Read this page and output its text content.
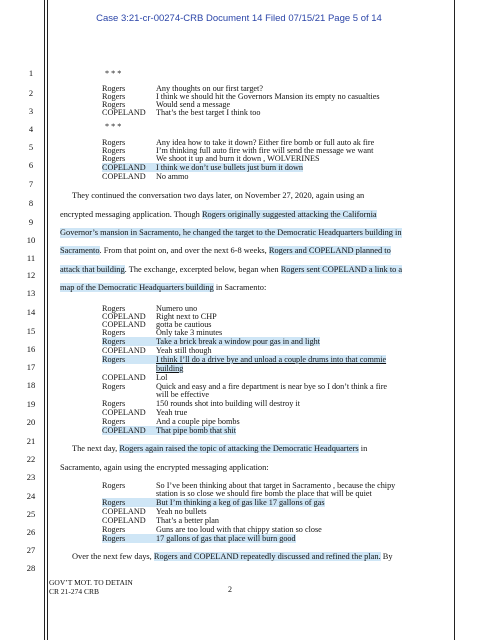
Case 3:21-cr-00274-CRB Document 14 Filed 07/15/21 Page 5 of 14
1
2
3
4
5
6
7
8
9
10
11
12
13
14
15
16
17
18
19
20
21
22
23
24
25
26
27
28
* * *
Rogers	Any thoughts on our first target?
Rogers	I think we should hit the Governors Mansion its empty no casualties
Rogers	Would send a message
COPELAND That’s the best target I think too
* * *
Rogers	Any idea how to take it down? Either fire bomb or full auto ak fire
Rogers	I’m thinking full auto fire with fire will send the message we want
Rogers	We shoot it up and burn it down , WOLVERINES
COPELAND	I think we don’t use bullets just burn it down
COPELAND No ammo
They continued the conversation two days later, on November 27, 2020, again using an
encrypted messaging application. Though Rogers originally suggested attacking the California
Governor’s mansion in Sacramento, he changed the target to the Democratic Headquarters building in
Sacramento. From that point on, and over the next 6-8 weeks, Rogers and COPELAND planned to
attack that building. The exchange, excerpted below, began when Rogers sent COPELAND a link to a
map of the Democratic Headquarters building in Sacramento:
Rogers	Numero uno
COPELAND Right next to CHP
COPELAND gotta be cautious
Rogers	Only take 3 minutes
Rogers	Take a brick break a window pour gas in and light
COPELAND Yeah still though
Rogers	I think I’ll do a drive bye and unload a couple drums into that commie
building
COPELAND Lol
Rogers	Quick and easy and a fire department is near bye so I don’t think a fire
will be effective
Rogers	150 rounds shot into building will destroy it
COPELAND Yeah true
Rogers	And a couple pipe bombs
COPELAND	That pipe bomb that shit
The next day, Rogers again raised the topic of attacking the Democratic Headquarters in
Sacramento, again using the encrypted messaging application:
Rogers	So I’ve been thinking about that target in Sacramento , because the chipy
station is so close we should fire bomb the place that will be quiet
Rogers	But I’m thinking a keg of gas like 17 gallons of gas
COPELAND Yeah no bullets
COPELAND That’s a better plan
Rogers	Guns are too loud with that chippy station so close
Rogers	17 gallons of gas that place will burn good
Over the next few days, Rogers and COPELAND repeatedly discussed and refined the plan. By
GOV’T MOT. TO DETAIN
CR 21-274 CRB	2
